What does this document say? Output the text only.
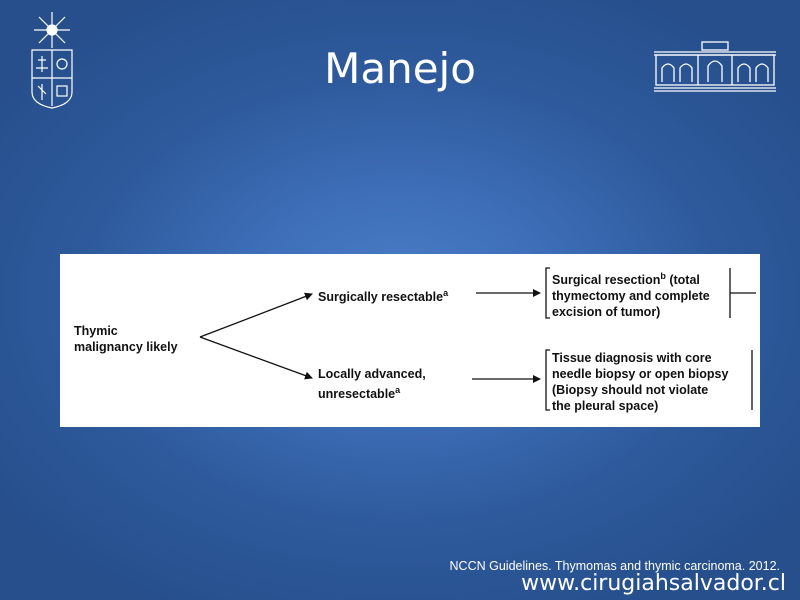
Manejo
Thymic
malignancy likely
Surgically resectable$^a$
Locally advanced,
unresectable$^a$
Surgical resection$^b$ (total
thymectomy and complete
excision of tumor)
Tissue diagnosis with core
needle biopsy or open biopsy
(Biopsy should not violate
the pleural space)
NCCN Guidelines. Thymomas and thymic carcinoma. 2012.
www.cirugiahsalvador.cl
